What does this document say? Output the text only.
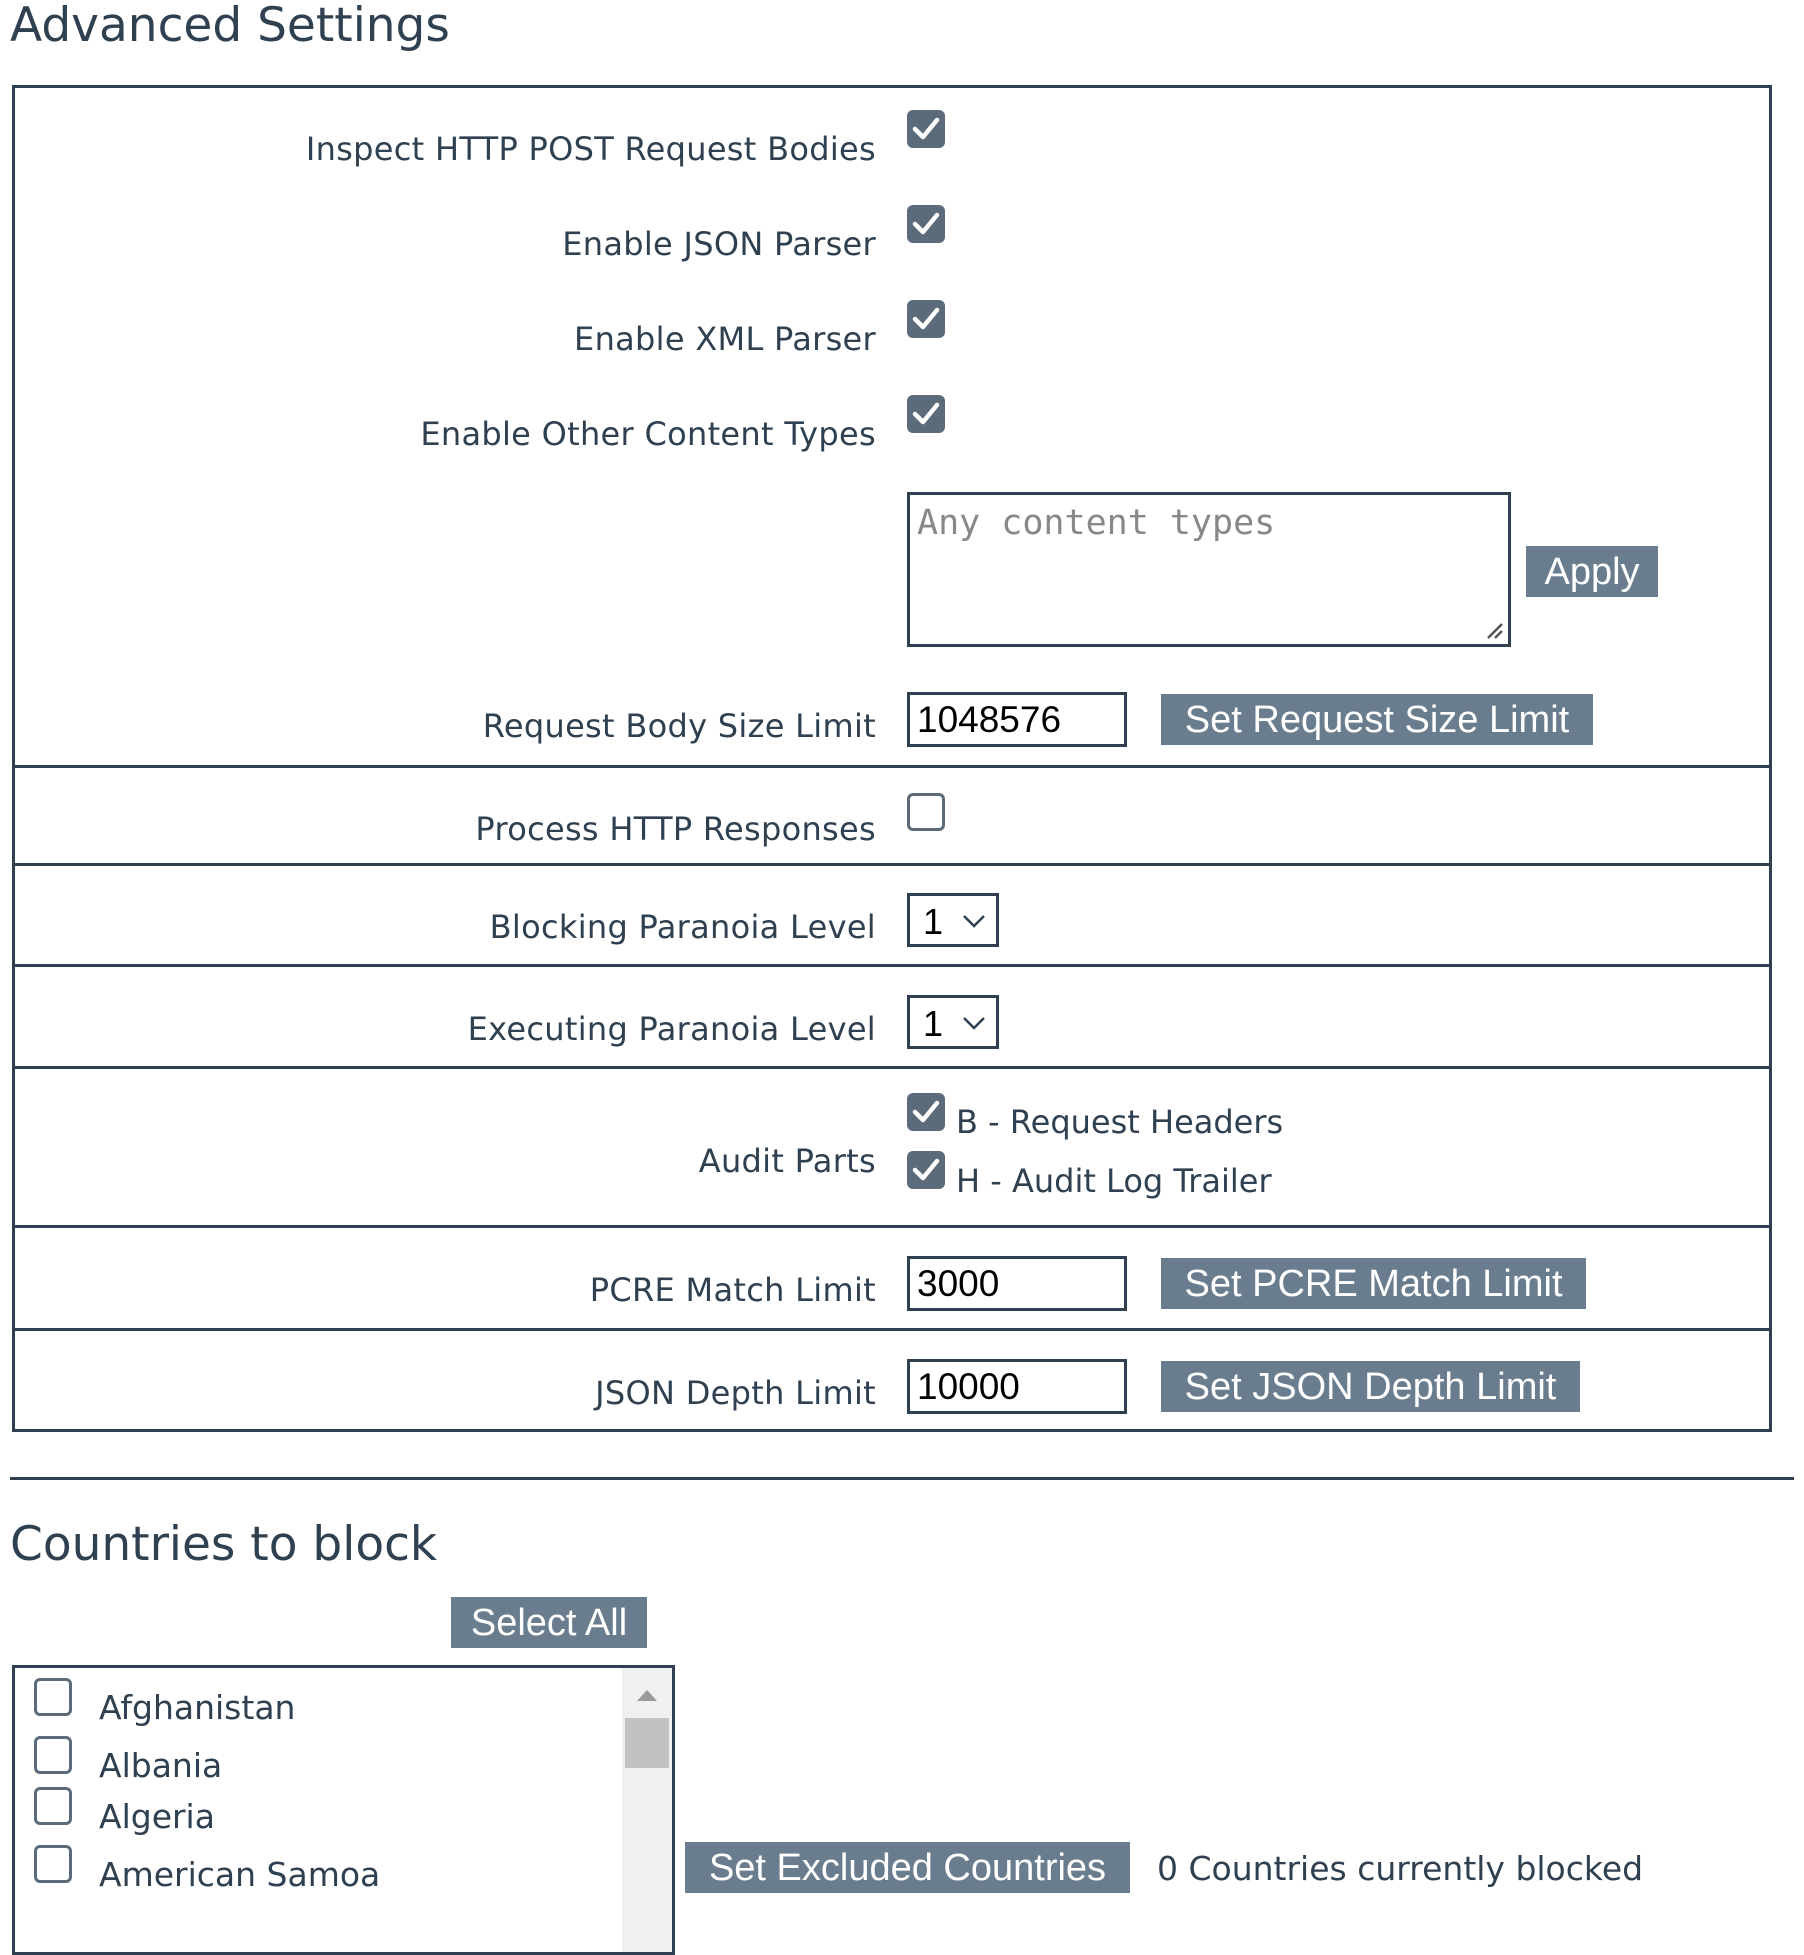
Advanced Settings
Inspect HTTP POST Request Bodies
Enable JSON Parser
Enable XML Parser
Enable Other Content Types
Any content types
Apply
Request Body Size Limit 1048576	Set Request Size Limit
Process HTTP Responses
Blocking Paranoia Level 1
Executing Paranoia Level 1
Audit Parts
B - Request Headers
H - Audit Log Trailer
PCRE Match Limit 3000	Set PCRE Match Limit
JSON Depth Limit 10000	Set JSON Depth Limit
Countries to block
Select All
Afghanistan
Albania
Algeria
American Samoa	Set Excluded Countries	0 Countries currently blocked
